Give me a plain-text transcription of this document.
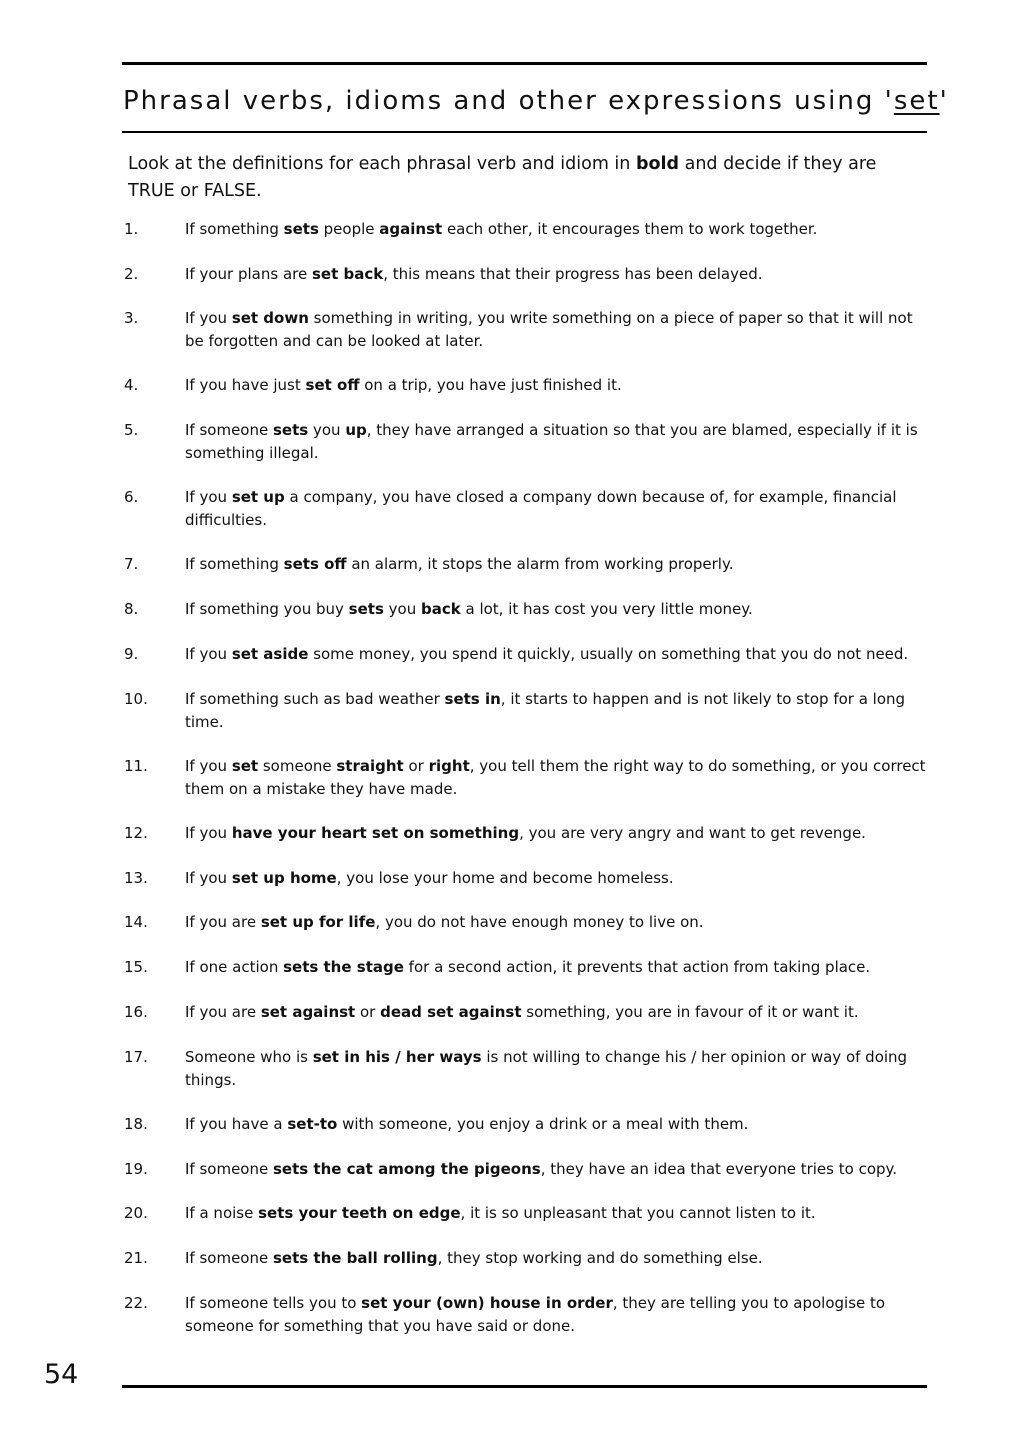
Phrasal verbs, idioms and other expressions using 'set'

Look at the definitions for each phrasal verb and idiom in bold and decide if they are TRUE or FALSE.

1.	If something sets people against each other, it encourages them to work together.
2.	If your plans are set back, this means that their progress has been delayed.
3.	If you set down something in writing, you write something on a piece of paper so that it will not be forgotten and can be looked at later.
4.	If you have just set off on a trip, you have just finished it.
5.	If someone sets you up, they have arranged a situation so that you are blamed, especially if it is something illegal.
6.	If you set up a company, you have closed a company down because of, for example, financial difficulties.
7.	If something sets off an alarm, it stops the alarm from working properly.
8.	If something you buy sets you back a lot, it has cost you very little money.
9.	If you set aside some money, you spend it quickly, usually on something that you do not need.
10. If something such as bad weather sets in, it starts to happen and is not likely to stop for a long time.
11. If you set someone straight or right, you tell them the right way to do something, or you correct them on a mistake they have made.
12. If you have your heart set on something, you are very angry and want to get revenge.
13. If you set up home, you lose your home and become homeless.
14. If you are set up for life, you do not have enough money to live on.
15. If one action sets the stage for a second action, it prevents that action from taking place.
16. If you are set against or dead set against something, you are in favour of it or want it.
17. Someone who is set in his / her ways is not willing to change his / her opinion or way of doing things.
18. If you have a set-to with someone, you enjoy a drink or a meal with them.
19. If someone sets the cat among the pigeons, they have an idea that everyone tries to copy.
20. If a noise sets your teeth on edge, it is so unpleasant that you cannot listen to it.
21. If someone sets the ball rolling, they stop working and do something else.
22. If someone tells you to set your (own) house in order, they are telling you to apologise to someone for something that you have said or done.

54
